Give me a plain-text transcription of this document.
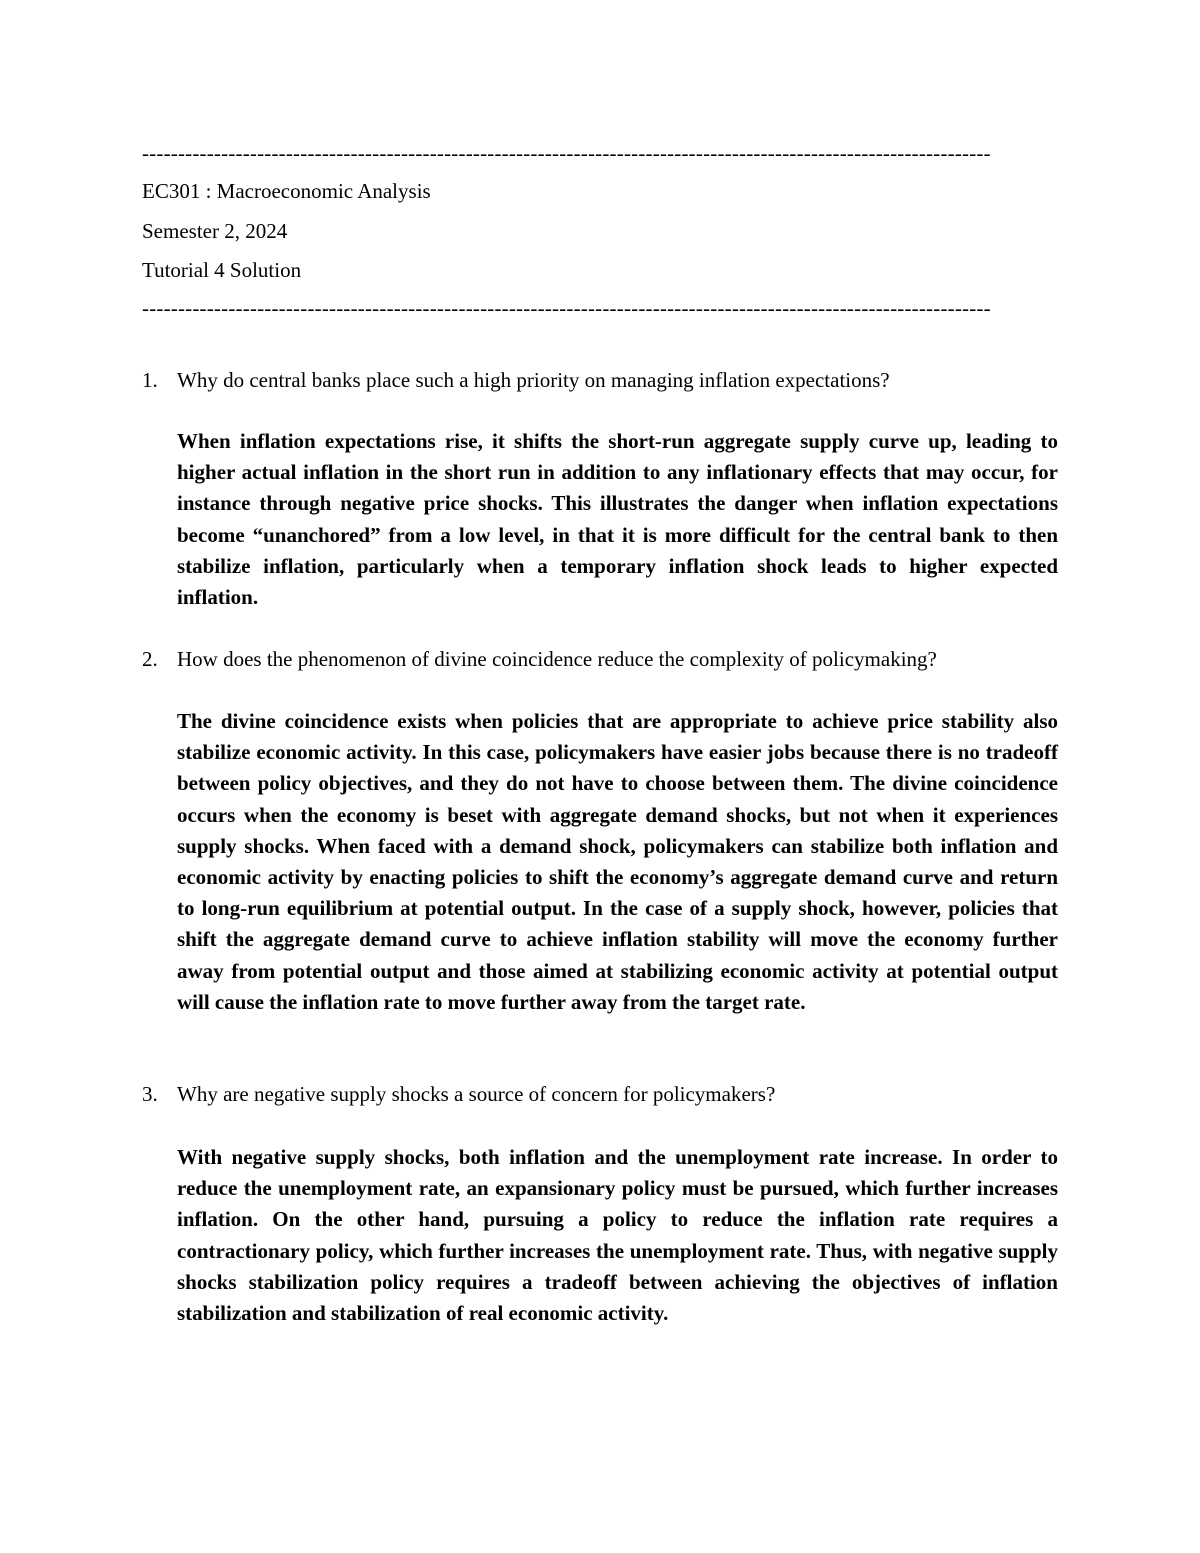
----------------------------------------------------------------------------------------------------------------------
EC301 : Macroeconomic Analysis
Semester 2, 2024
Tutorial 4 Solution
----------------------------------------------------------------------------------------------------------------------
1. Why do central banks place such a high priority on managing inflation expectations?
When inflation expectations rise, it shifts the short-run aggregate supply curve up, leading to higher actual inflation in the short run in addition to any inflationary effects that may occur, for instance through negative price shocks. This illustrates the danger when inflation expectations become “unanchored” from a low level, in that it is more difficult for the central bank to then stabilize inflation, particularly when a temporary inflation shock leads to higher expected inflation.
2. How does the phenomenon of divine coincidence reduce the complexity of policymaking?
The divine coincidence exists when policies that are appropriate to achieve price stability also stabilize economic activity. In this case, policymakers have easier jobs because there is no tradeoff between policy objectives, and they do not have to choose between them. The divine coincidence occurs when the economy is beset with aggregate demand shocks, but not when it experiences supply shocks. When faced with a demand shock, policymakers can stabilize both inflation and economic activity by enacting policies to shift the economy’s aggregate demand curve and return to long-run equilibrium at potential output. In the case of a supply shock, however, policies that shift the aggregate demand curve to achieve inflation stability will move the economy further away from potential output and those aimed at stabilizing economic activity at potential output will cause the inflation rate to move further away from the target rate.
3. Why are negative supply shocks a source of concern for policymakers?
With negative supply shocks, both inflation and the unemployment rate increase. In order to reduce the unemployment rate, an expansionary policy must be pursued, which further increases inflation. On the other hand, pursuing a policy to reduce the inflation rate requires a contractionary policy, which further increases the unemployment rate. Thus, with negative supply shocks stabilization policy requires a tradeoff between achieving the objectives of inflation stabilization and stabilization of real economic activity.
